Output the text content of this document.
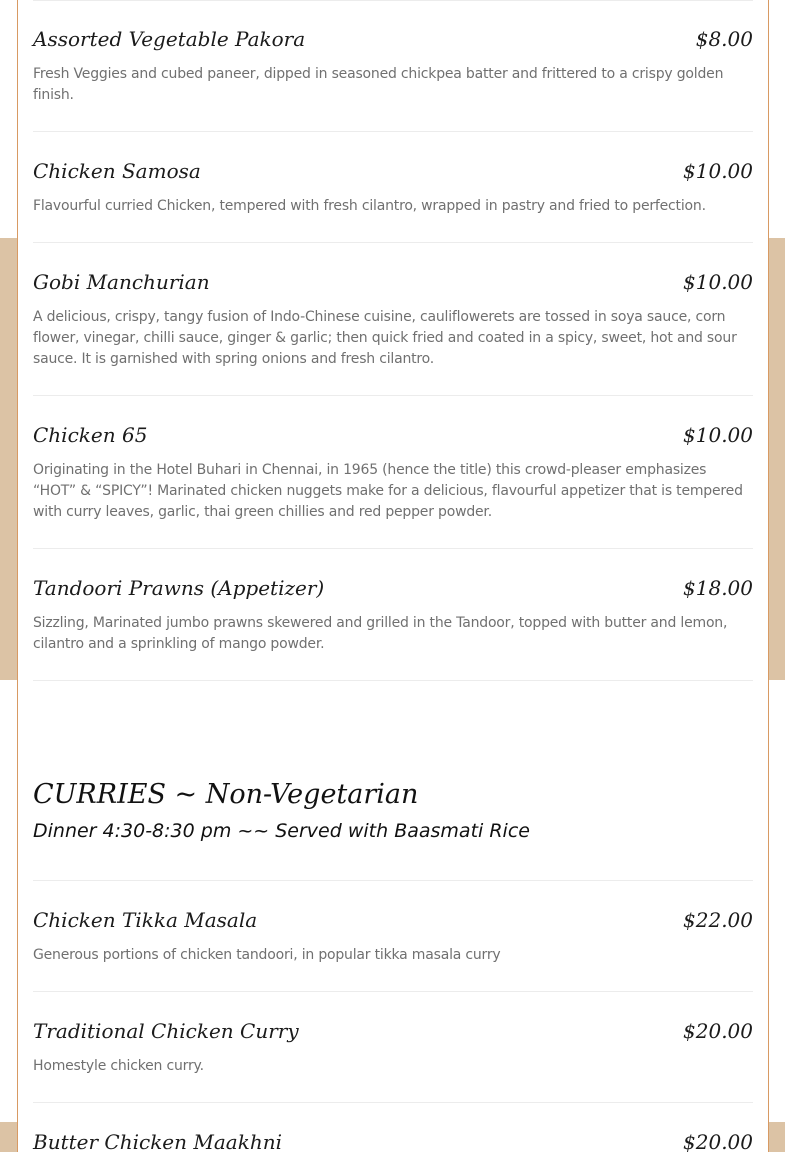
Assorted Vegetable Pakora	$8.00
Fresh Veggies and cubed paneer, dipped in seasoned chickpea batter and frittered to a crispy golden finish.
Chicken Samosa	$10.00
Flavourful curried Chicken, tempered with fresh cilantro, wrapped in pastry and fried to perfection.
Gobi Manchurian	$10.00
A delicious, crispy, tangy fusion of Indo-Chinese cuisine, cauliflowerets are tossed in soya sauce, corn flower, vinegar, chilli sauce, ginger & garlic; then quick fried and coated in a spicy, sweet, hot and sour sauce. It is garnished with spring onions and fresh cilantro.
Chicken 65	$10.00
Originating in the Hotel Buhari in Chennai, in 1965 (hence the title) this crowd-pleaser emphasizes “HOT” & “SPICY”! Marinated chicken nuggets make for a delicious, flavourful appetizer that is tempered with curry leaves, garlic, thai green chillies and red pepper powder.
Tandoori Prawns (Appetizer)	$18.00
Sizzling, Marinated jumbo prawns skewered and grilled in the Tandoor, topped with butter and lemon, cilantro and a sprinkling of mango powder.
CURRIES ~ Non-Vegetarian
Dinner 4:30-8:30 pm ~~ Served with Baasmati Rice
Chicken Tikka Masala	$22.00
Generous portions of chicken tandoori, in popular tikka masala curry
Traditional Chicken Curry	$20.00
Homestyle chicken curry.
Butter Chicken Maakhni	$20.00
